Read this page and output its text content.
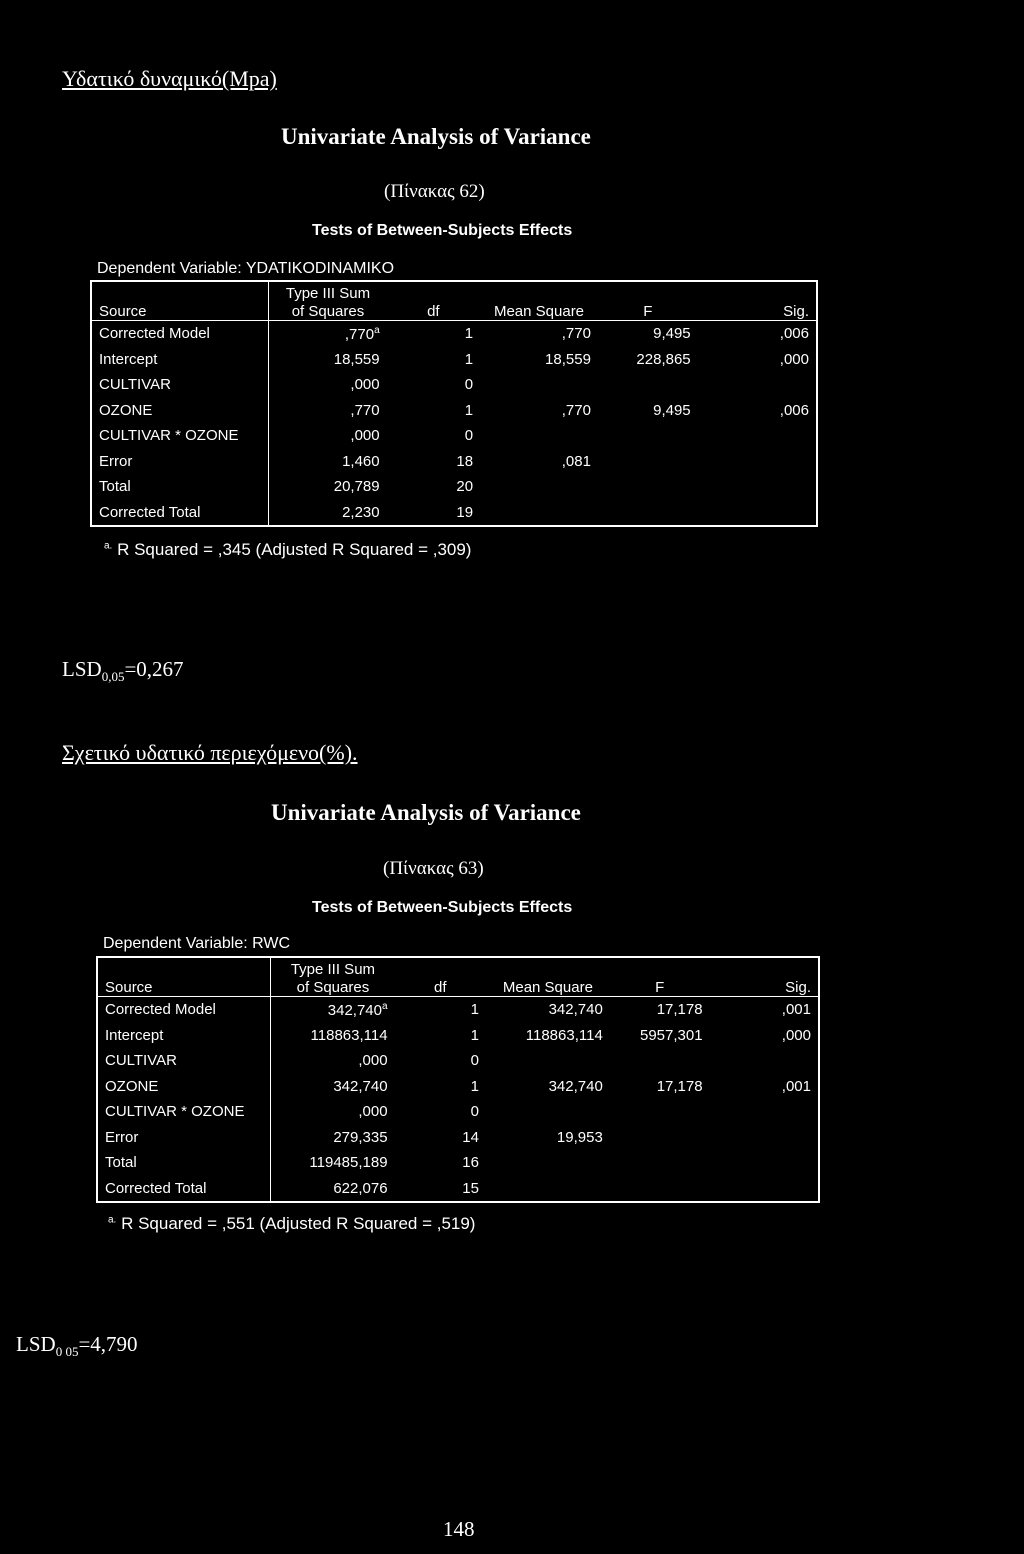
Υδατικό δυναμικό(Mpa)
Univariate Analysis of Variance
(Πίνακας 62)
Tests of Between-Subjects Effects
Dependent Variable: YDATIKODINAMIKO
	Type III Sum				
Source	of Squares	df	Mean Square	F	Sig.
Corrected Model	,770$^a$	1	,770	9,495	,006
Intercept	18,559	1	18,559	228,865	,000
CULTIVAR	,000	0			
OZONE	,770	1	,770	9,495	,006
CULTIVAR * OZONE	,000	0			
Error	1,460	18	,081		
Total	20,789	20			
Corrected Total	2,230	19			
$^{a.}$ R Squared = ,345 (Adjusted R Squared = ,309)
$LSD_{0,05}=0,267$
Σχετικό υδατικό περιεχόμενο(%).
Univariate Analysis of Variance
(Πίνακας 63)
Tests of Between-Subjects Effects
Dependent Variable: RWC
	Type III Sum				
Source	of Squares	df	Mean Square	F	Sig.
Corrected Model	342,740$^a$	1	342,740	17,178	,001
Intercept	118863,114	1	118863,114	5957,301	,000
CULTIVAR	,000	0			
OZONE	342,740	1	342,740	17,178	,001
CULTIVAR * OZONE	,000	0			
Error	279,335	14	19,953		
Total	119485,189	16			
Corrected Total	622,076	15			
$^{a.}$ R Squared = ,551 (Adjusted R Squared = ,519)
$LSD_{0 05}=4,790$
148
